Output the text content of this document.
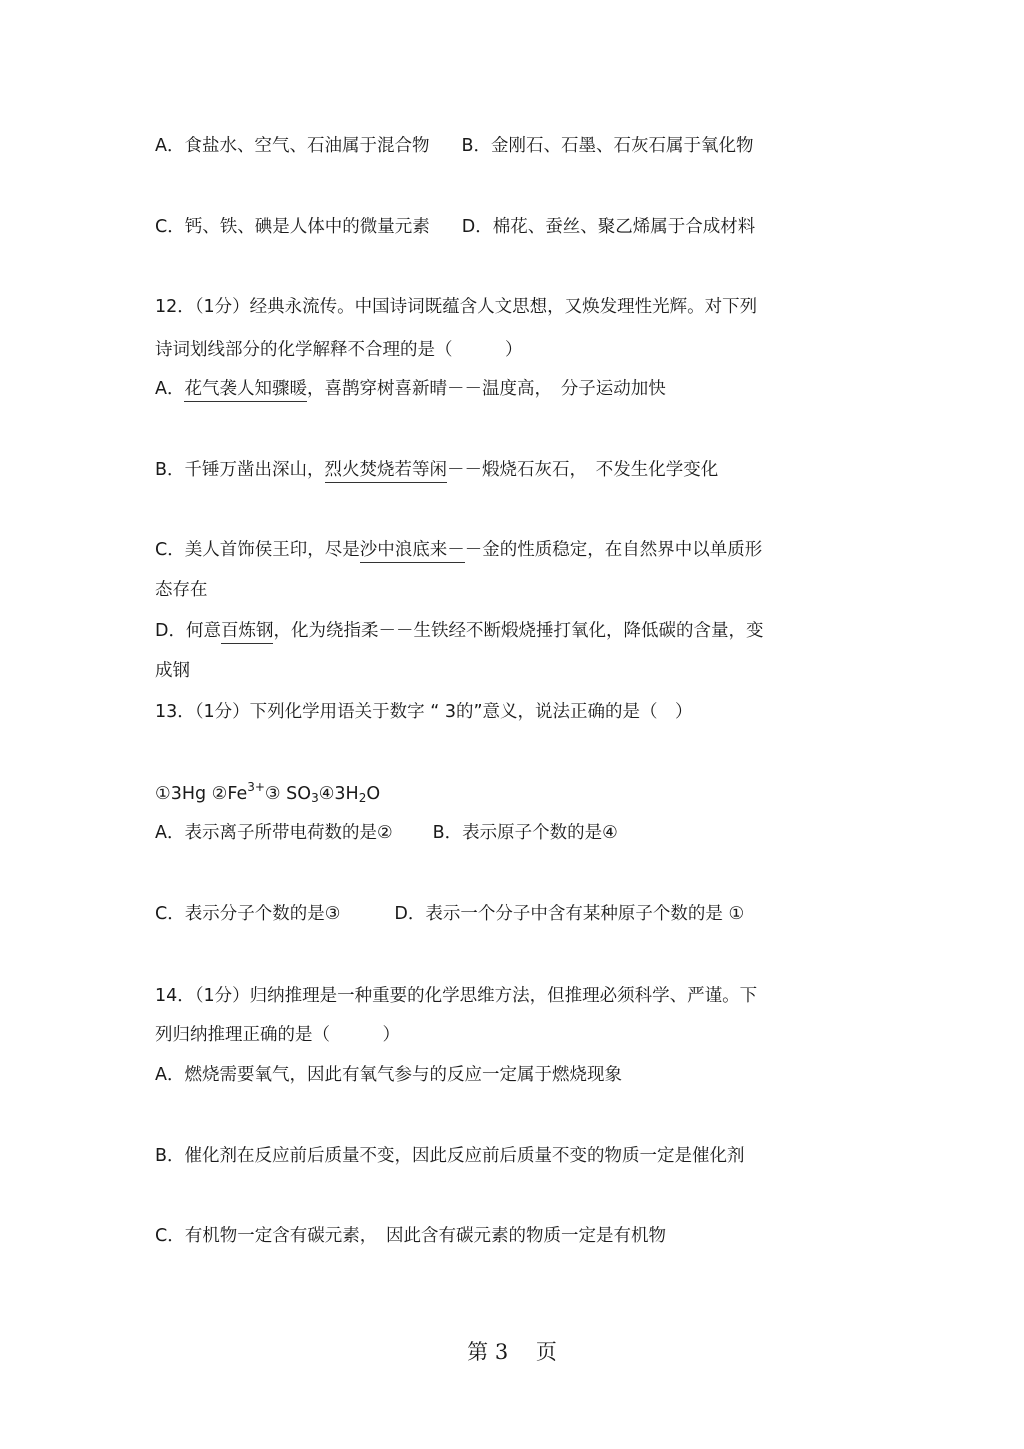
A．食盐水、空气、石油属于混合物 B．金刚石、石墨、石灰石属于氧化物
C．钙、铁、碘是人体中的微量元素 D．棉花、蚕丝、聚乙烯属于合成材料
12．（1分）经典永流传。中国诗词既蕴含人文思想，又焕发理性光辉。对下列
诗词划线部分的化学解释不合理的是（　　　）
A．花气袭人知骤暖，喜鹊穿树喜新晴－－温度高，　分子运动加快
B．千锤万凿出深山，烈火焚烧若等闲－－煅烧石灰石，　不发生化学变化
C．美人首饰侯王印，尽是沙中浪底来－－金的性质稳定，在自然界中以单质形
态存在
D．何意百炼钢，化为绕指柔－－生铁经不断煅烧捶打氧化，降低碳的含量，变
成钢
13．（1分）下列化学用语关于数字 “ 3的”意义，说法正确的是（　）
①3Hg $②Fe^{3+}③$ SO3④3H2O
A．表示离子所带电荷数的是② B．表示原子个数的是④
C．表示分子个数的是③	D．表示一个分子中含有某种原子个数的是 ①
14．（1分）归纳推理是一种重要的化学思维方法，但推理必须科学、严谨。下
列归纳推理正确的是（　　　）
A．燃烧需要氧气，因此有氧气参与的反应一定属于燃烧现象
B．催化剂在反应前后质量不变，因此反应前后质量不变的物质一定是催化剂
C．有机物一定含有碳元素，　因此含有碳元素的物质一定是有机物
第 3　 页
